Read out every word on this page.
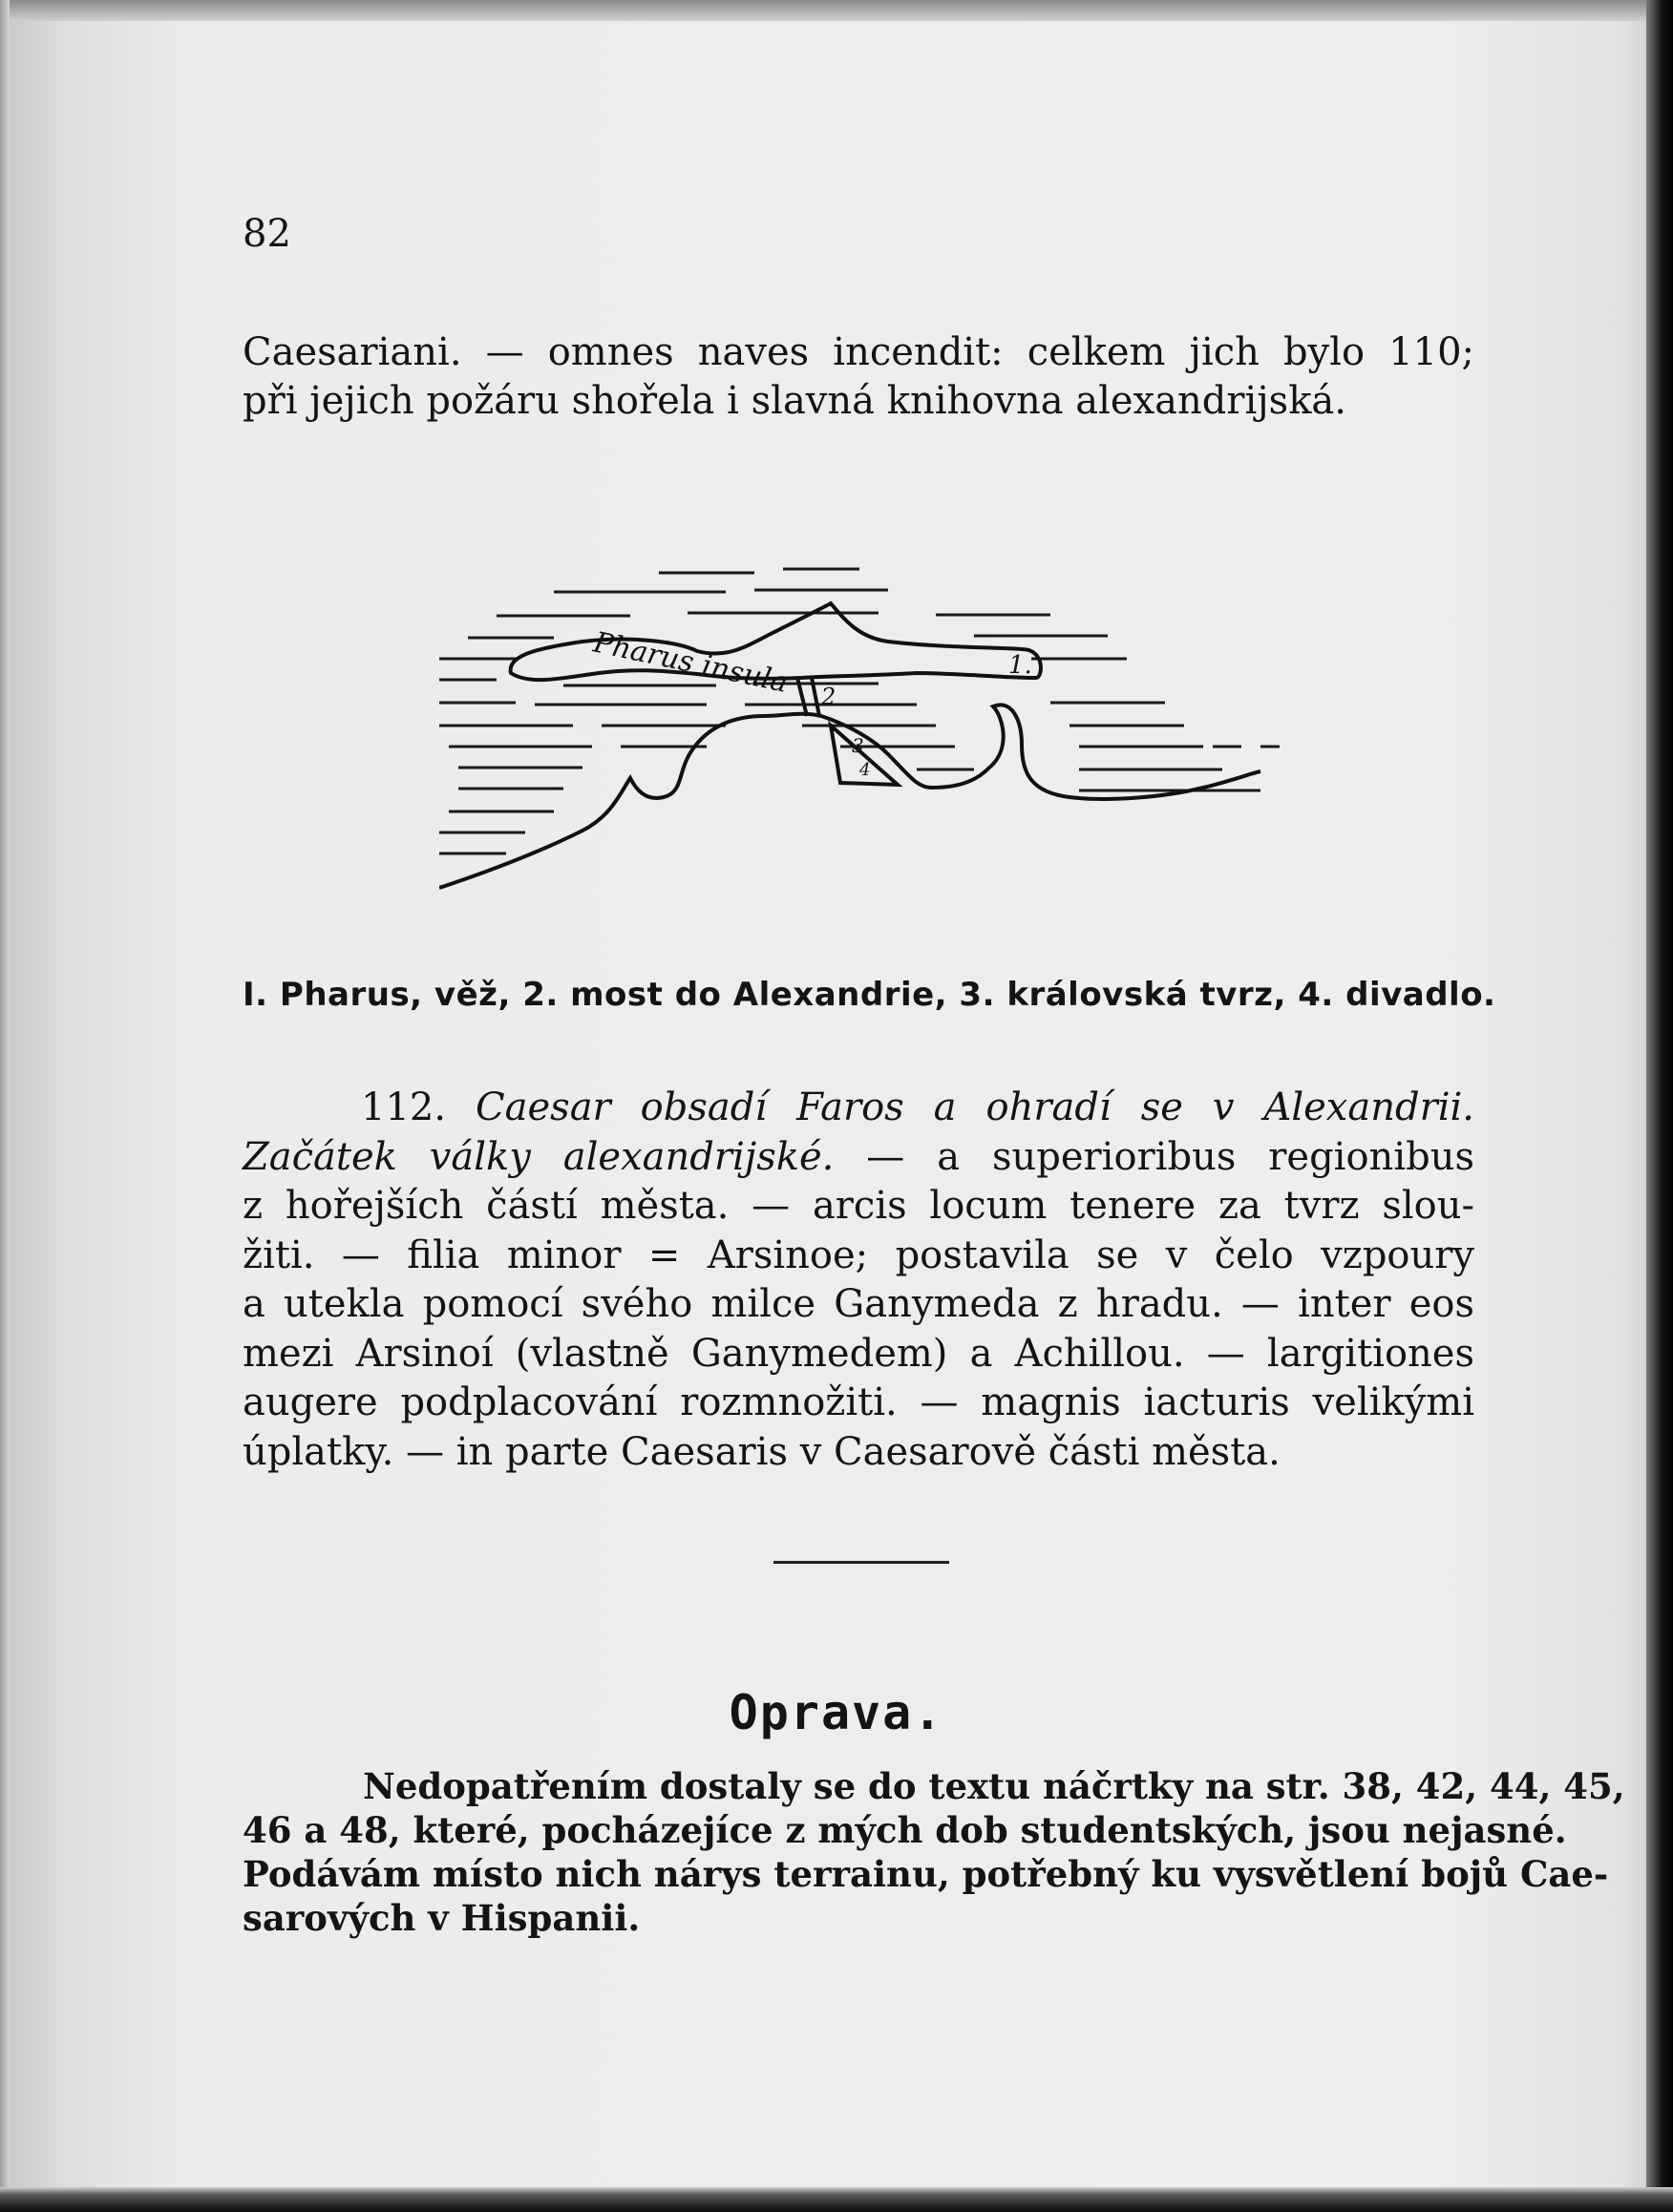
82

Caesariani. — omnes naves incendit: celkem jich bylo 110;
při jejich požáru shořela i slavná knihovna alexandrijská.

Pharus insula	1.
2
3
4

I. Pharus, věž, 2. most do Alexandrie, 3. královská tvrz, 4. divadlo.

112. Caesar obsadí Faros a ohradí se v Alexandrii.
Začátek války alexandrijské. — a superioribus regionibus
z hořejších částí města. — arcis locum tenere za tvrz slou-
žiti. — filia minor = Arsinoe; postavila se v čelo vzpoury
a utekla pomocí svého milce Ganymeda z hradu. — inter eos
mezi Arsinoí (vlastně Ganymedem) a Achillou. — largitiones
augere podplacování rozmnožiti. — magnis iacturis velikými
úplatky. — in parte Caesaris v Caesarově části města.
Oprava.
Nedopatřením dostaly se do textu náčrtky na str. 38, 42, 44, 45,
46 a 48, které, pocházejíce z mých dob studentských, jsou nejasné.
Podávám místo nich nárys terrainu, potřebný ku vysvětlení bojů Cae-
sarových v Hispanii.
